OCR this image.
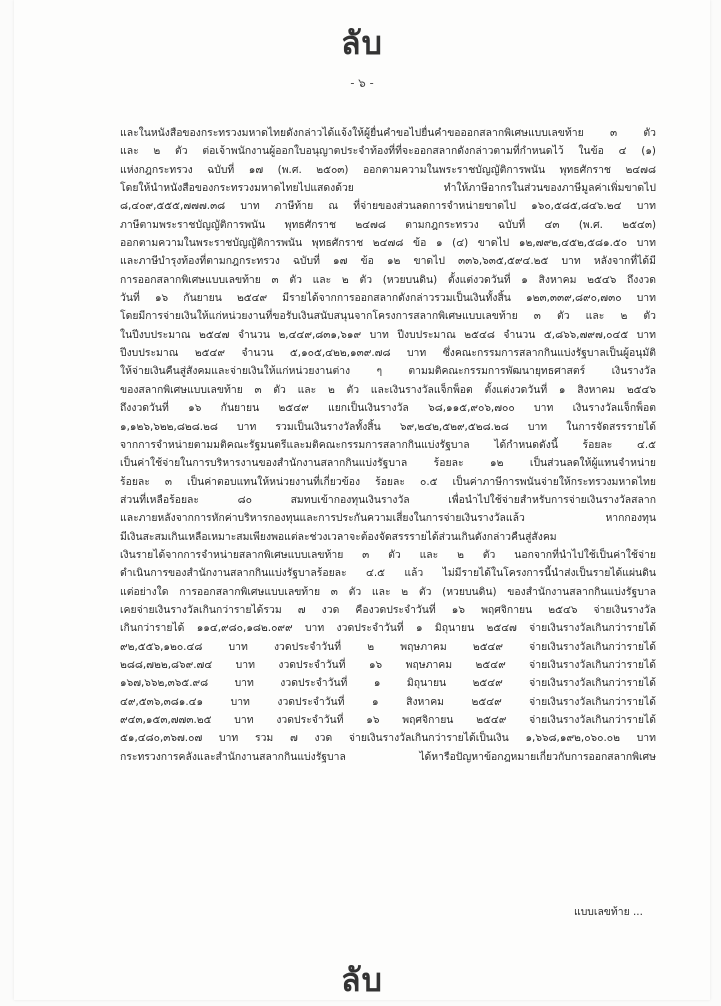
ลับ
- ๖ -
และในหนังสือของกระทรวงมหาดไทยดังกล่าวได้แจ้งให้ผู้ยื่นคำขอไปยื่นคำขอออกสลากพิเศษแบบเลขท้าย ๓ ตัว
และ ๒ ตัว ต่อเจ้าพนักงานผู้ออกใบอนุญาตประจำท้องที่ที่จะออกสลากดังกล่าวตามที่กำหนดไว้ ในข้อ ๔ (๑)
แห่งกฎกระทรวง ฉบับที่ ๑๗ (พ.ศ. ๒๕๐๓) ออกตามความในพระราชบัญญัติการพนัน พุทธศักราช ๒๔๗๘
โดยให้นำหนังสือของกระทรวงมหาดไทยไปแสดงด้วย ทำให้ภาษีอากรในส่วนของภาษีมูลค่าเพิ่มขาดไป
๘,๔๐๙,๕๕๕,๗๗๗.๓๘ บาท ภาษีท้าย ณ ที่จ่ายของส่วนลดการจำหน่ายขาดไป ๑๖๐,๕๘๕,๘๔๖.๒๔ บาท
ภาษีตามพระราชบัญญัติการพนัน พุทธศักราช ๒๔๗๘ ตามกฎกระทรวง ฉบับที่ ๔๓ (พ.ศ. ๒๕๔๓)
ออกตามความในพระราชบัญญัติการพนัน พุทธศักราช ๒๔๗๘ ข้อ ๑ (๔) ขาดไป ๑๒,๗๙๒,๔๕๒,๕๘๑.๕๐ บาท
และภาษีบำรุงท้องที่ตามกฎกระทรวง ฉบับที่ ๑๗ ข้อ ๑๒ ขาดไป ๓๓๖,๖๓๕,๕๙๔.๒๕ บาท หลังจากที่ได้มี
การออกสลากพิเศษแบบเลขท้าย ๓ ตัว และ ๒ ตัว (หวยบนดิน) ตั้งแต่งวดวันที่ ๑ สิงหาคม ๒๕๔๖ ถึงงวด
วันที่ ๑๖ กันยายน ๒๕๔๙ มีรายได้จากการออกสลากดังกล่าวรวมเป็นเงินทั้งสิ้น ๑๒๓,๓๓๙,๘๙๐,๗๓๐ บาท
โดยมีการจ่ายเงินให้แก่หน่วยงานที่ขอรับเงินสนับสนุนจากโครงการสลากพิเศษแบบเลขท้าย ๓ ตัว และ ๒ ตัว
ในปีงบประมาณ ๒๕๔๗ จำนวน ๒,๔๔๙,๘๓๑,๖๑๙ บาท ปีงบประมาณ ๒๕๔๘ จำนวน ๕,๘๖๖,๗๙๗,๐๔๕ บาท
ปีงบประมาณ ๒๕๔๙ จำนวน ๕,๑๐๕,๔๒๒,๑๓๙.๗๘ บาท ซึ่งคณะกรรมการสลากกินแบ่งรัฐบาลเป็นผู้อนุมัติ
ให้จ่ายเงินคืนสู่สังคมและจ่ายเงินให้แก่หน่วยงานต่าง ๆ ตามมติคณะกรรมการพัฒนายุทธศาสตร์ เงินรางวัล
ของสลากพิเศษแบบเลขท้าย ๓ ตัว และ ๒ ตัว และเงินรางวัลแจ็กพ็อต ตั้งแต่งวดวันที่ ๑ สิงหาคม ๒๕๔๖
ถึงงวดวันที่ ๑๖ กันยายน ๒๕๔๙ แยกเป็นเงินรางวัล ๖๘,๑๑๕,๙๐๖,๗๐๐ บาท เงินรางวัลแจ็กพ็อต
๑,๑๒๖,๖๒๒,๘๒๘.๒๘ บาท รวมเป็นเงินรางวัลทั้งสิ้น ๖๙,๒๔๒,๕๒๙,๕๒๘.๒๘ บาท ในการจัดสรรรายได้
จากการจำหน่ายตามมติคณะรัฐมนตรีและมติคณะกรรมการสลากกินแบ่งรัฐบาล ได้กำหนดดังนี้ ร้อยละ ๔.๕
เป็นค่าใช้จ่ายในการบริหารงานของสำนักงานสลากกินแบ่งรัฐบาล ร้อยละ ๑๒ เป็นส่วนลดให้ผู้แทนจำหน่าย
ร้อยละ ๓ เป็นค่าตอบแทนให้หน่วยงานที่เกี่ยวข้อง ร้อยละ ๐.๕ เป็นค่าภาษีการพนันจ่ายให้กระทรวงมหาดไทย
ส่วนที่เหลือร้อยละ ๘๐ สมทบเข้ากองทุนเงินรางวัล เพื่อนำไปใช้จ่ายสำหรับการจ่ายเงินรางวัลสลาก
และภายหลังจากการหักค่าบริหารกองทุนและการประกันความเสี่ยงในการจ่ายเงินรางวัลแล้ว หากกองทุน
มีเงินสะสมเกินเหลือเหมาะสมเพียงพอแต่ละช่วงเวลาจะต้องจัดสรรรายได้ส่วนเกินดังกล่าวคืนสู่สังคม
เงินรายได้จากการจำหน่ายสลากพิเศษแบบเลขท้าย ๓ ตัว และ ๒ ตัว นอกจากที่นำไปใช้เป็นค่าใช้จ่าย
ดำเนินการของสำนักงานสลากกินแบ่งรัฐบาลร้อยละ ๔.๕ แล้ว ไม่มีรายได้ในโครงการนี้นำส่งเป็นรายได้แผ่นดิน
แต่อย่างใด การออกสลากพิเศษแบบเลขท้าย ๓ ตัว และ ๒ ตัว (หวยบนดิน) ของสำนักงานสลากกินแบ่งรัฐบาล
เคยจ่ายเงินรางวัลเกินกว่ารายได้รวม ๗ งวด คืองวดประจำวันที่ ๑๖ พฤศจิกายน ๒๕๔๖ จ่ายเงินรางวัล
เกินกว่ารายได้ ๑๑๔,๙๘๐,๑๘๒.๐๙๙ บาท งวดประจำวันที่ ๑ มิถุนายน ๒๕๔๗ จ่ายเงินรางวัลเกินกว่ารายได้
๙๒,๕๕๖,๑๒๐.๔๘ บาท งวดประจำวันที่ ๒ พฤษภาคม ๒๕๔๙ จ่ายเงินรางวัลเกินกว่ารายได้
๒๘๘,๗๒๒,๘๖๙.๗๔ บาท งวดประจำวันที่ ๑๖ พฤษภาคม ๒๕๔๙ จ่ายเงินรางวัลเกินกว่ารายได้
๑๖๗,๖๖๒,๓๖๕.๙๘ บาท งวดประจำวันที่ ๑ มิถุนายน ๒๕๔๙ จ่ายเงินรางวัลเกินกว่ารายได้
๔๙,๕๓๖,๓๘๑.๔๑ บาท งวดประจำวันที่ ๑ สิงหาคม ๒๕๔๙ จ่ายเงินรางวัลเกินกว่ารายได้
๙๔๓,๑๕๓,๗๗๓.๒๕ บาท งวดประจำวันที่ ๑๖ พฤศจิกายน ๒๕๔๙ จ่ายเงินรางวัลเกินกว่ารายได้
๕๑,๔๘๐,๓๖๗.๐๗ บาท รวม ๗ งวด จ่ายเงินรางวัลเกินกว่ารายได้เป็นเงิน ๑,๖๖๘,๑๙๒,๐๖๐.๐๒ บาท
กระทรวงการคลังและสำนักงานสลากกินแบ่งรัฐบาล ได้หารือปัญหาข้อกฎหมายเกี่ยวกับการออกสลากพิเศษ
แบบเลขท้าย ...
ลับ
